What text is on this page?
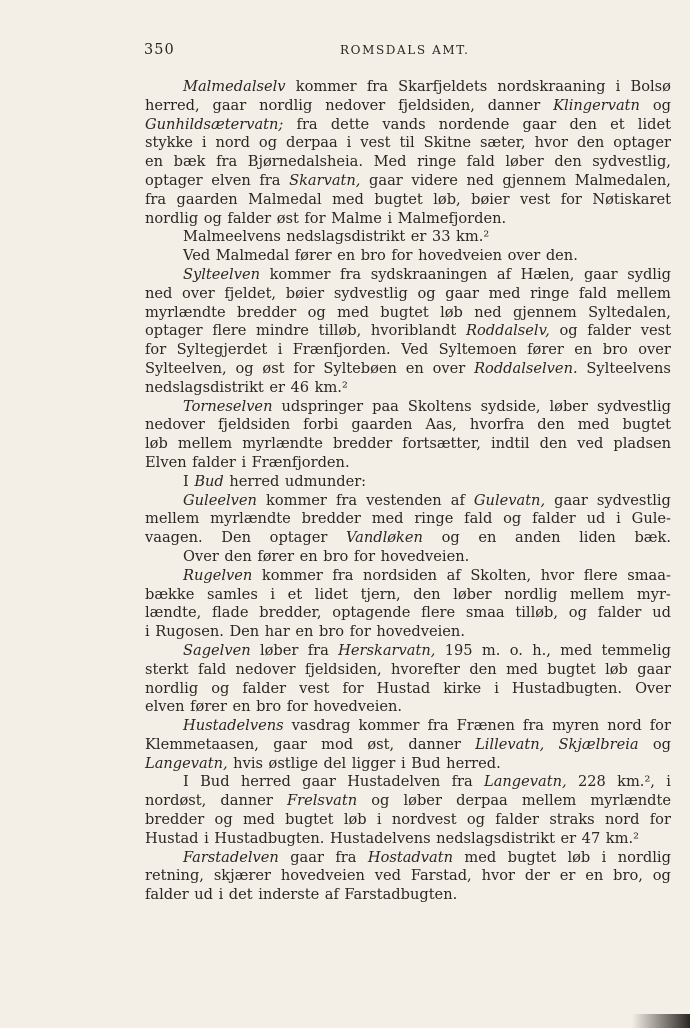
350	ROMSDALS AMT.
Malmedalselv kommer fra Skarfjeldets nordskraaning i Bolsø
herred, gaar nordlig nedover fjeldsiden, danner Klingervatn og
Gunhildsætervatn; fra dette vands nordende gaar den et lidet
stykke i nord og derpaa i vest til Skitne sæter, hvor den optager
en bæk fra Bjørnedalsheia. Med ringe fald løber den sydvestlig,
optager elven fra Skarvatn, gaar videre ned gjennem Malmedalen,
fra gaarden Malmedal med bugtet løb, bøier vest for Nøtiskaret
nordlig og falder øst for Malme i Malmefjorden.
Malmeelvens nedslagsdistrikt er 33 km.²
Ved Malmedal fører en bro for hovedveien over den.
Sylteelven kommer fra sydskraaningen af Hælen, gaar sydlig
ned over fjeldet, bøier sydvestlig og gaar med ringe fald mellem
myrlændte bredder og med bugtet løb ned gjennem Syltedalen,
optager flere mindre tilløb, hvoriblandt Roddalselv, og falder vest
for Syltegjerdet i Frænfjorden. Ved Syltemoen fører en bro over
Sylteelven, og øst for Syltebøen en over Roddalselven. Sylteelvens
nedslagsdistrikt er 46 km.²
Torneselven udspringer paa Skoltens sydside, løber sydvestlig
nedover fjeldsiden forbi gaarden Aas, hvorfra den med bugtet
løb mellem myrlændte bredder fortsætter, indtil den ved pladsen
Elven falder i Frænfjorden.
I Bud herred udmunder:
Guleelven kommer fra vestenden af Gulevatn, gaar sydvestlig
mellem myrlændte bredder med ringe fald og falder ud i Gule-
vaagen. Den optager Vandløken og en anden liden bæk.
Over den fører en bro for hovedveien.
Rugelven kommer fra nordsiden af Skolten, hvor flere smaa-
bække samles i et lidet tjern, den løber nordlig mellem myr-
lændte, flade bredder, optagende flere smaa tilløb, og falder ud
i Rugosen. Den har en bro for hovedveien.
Sagelven løber fra Herskarvatn, 195 m. o. h., med temmelig
sterkt fald nedover fjeldsiden, hvorefter den med bugtet løb gaar
nordlig og falder vest for Hustad kirke i Hustadbugten. Over
elven fører en bro for hovedveien.
Hustadelvens vasdrag kommer fra Frænen fra myren nord for
Klemmetaasen, gaar mod øst, danner Lillevatn, Skjælbreia og
Langevatn, hvis østlige del ligger i Bud herred.
I Bud herred gaar Hustadelven fra Langevatn, 228 km.², i
nordøst, danner Frelsvatn og løber derpaa mellem myrlændte
bredder og med bugtet løb i nordvest og falder straks nord for
Hustad i Hustadbugten. Hustadelvens nedslagsdistrikt er 47 km.²
Farstadelven gaar fra Hostadvatn med bugtet løb i nordlig
retning, skjærer hovedveien ved Farstad, hvor der er en bro, og
falder ud i det inderste af Farstadbugten.
